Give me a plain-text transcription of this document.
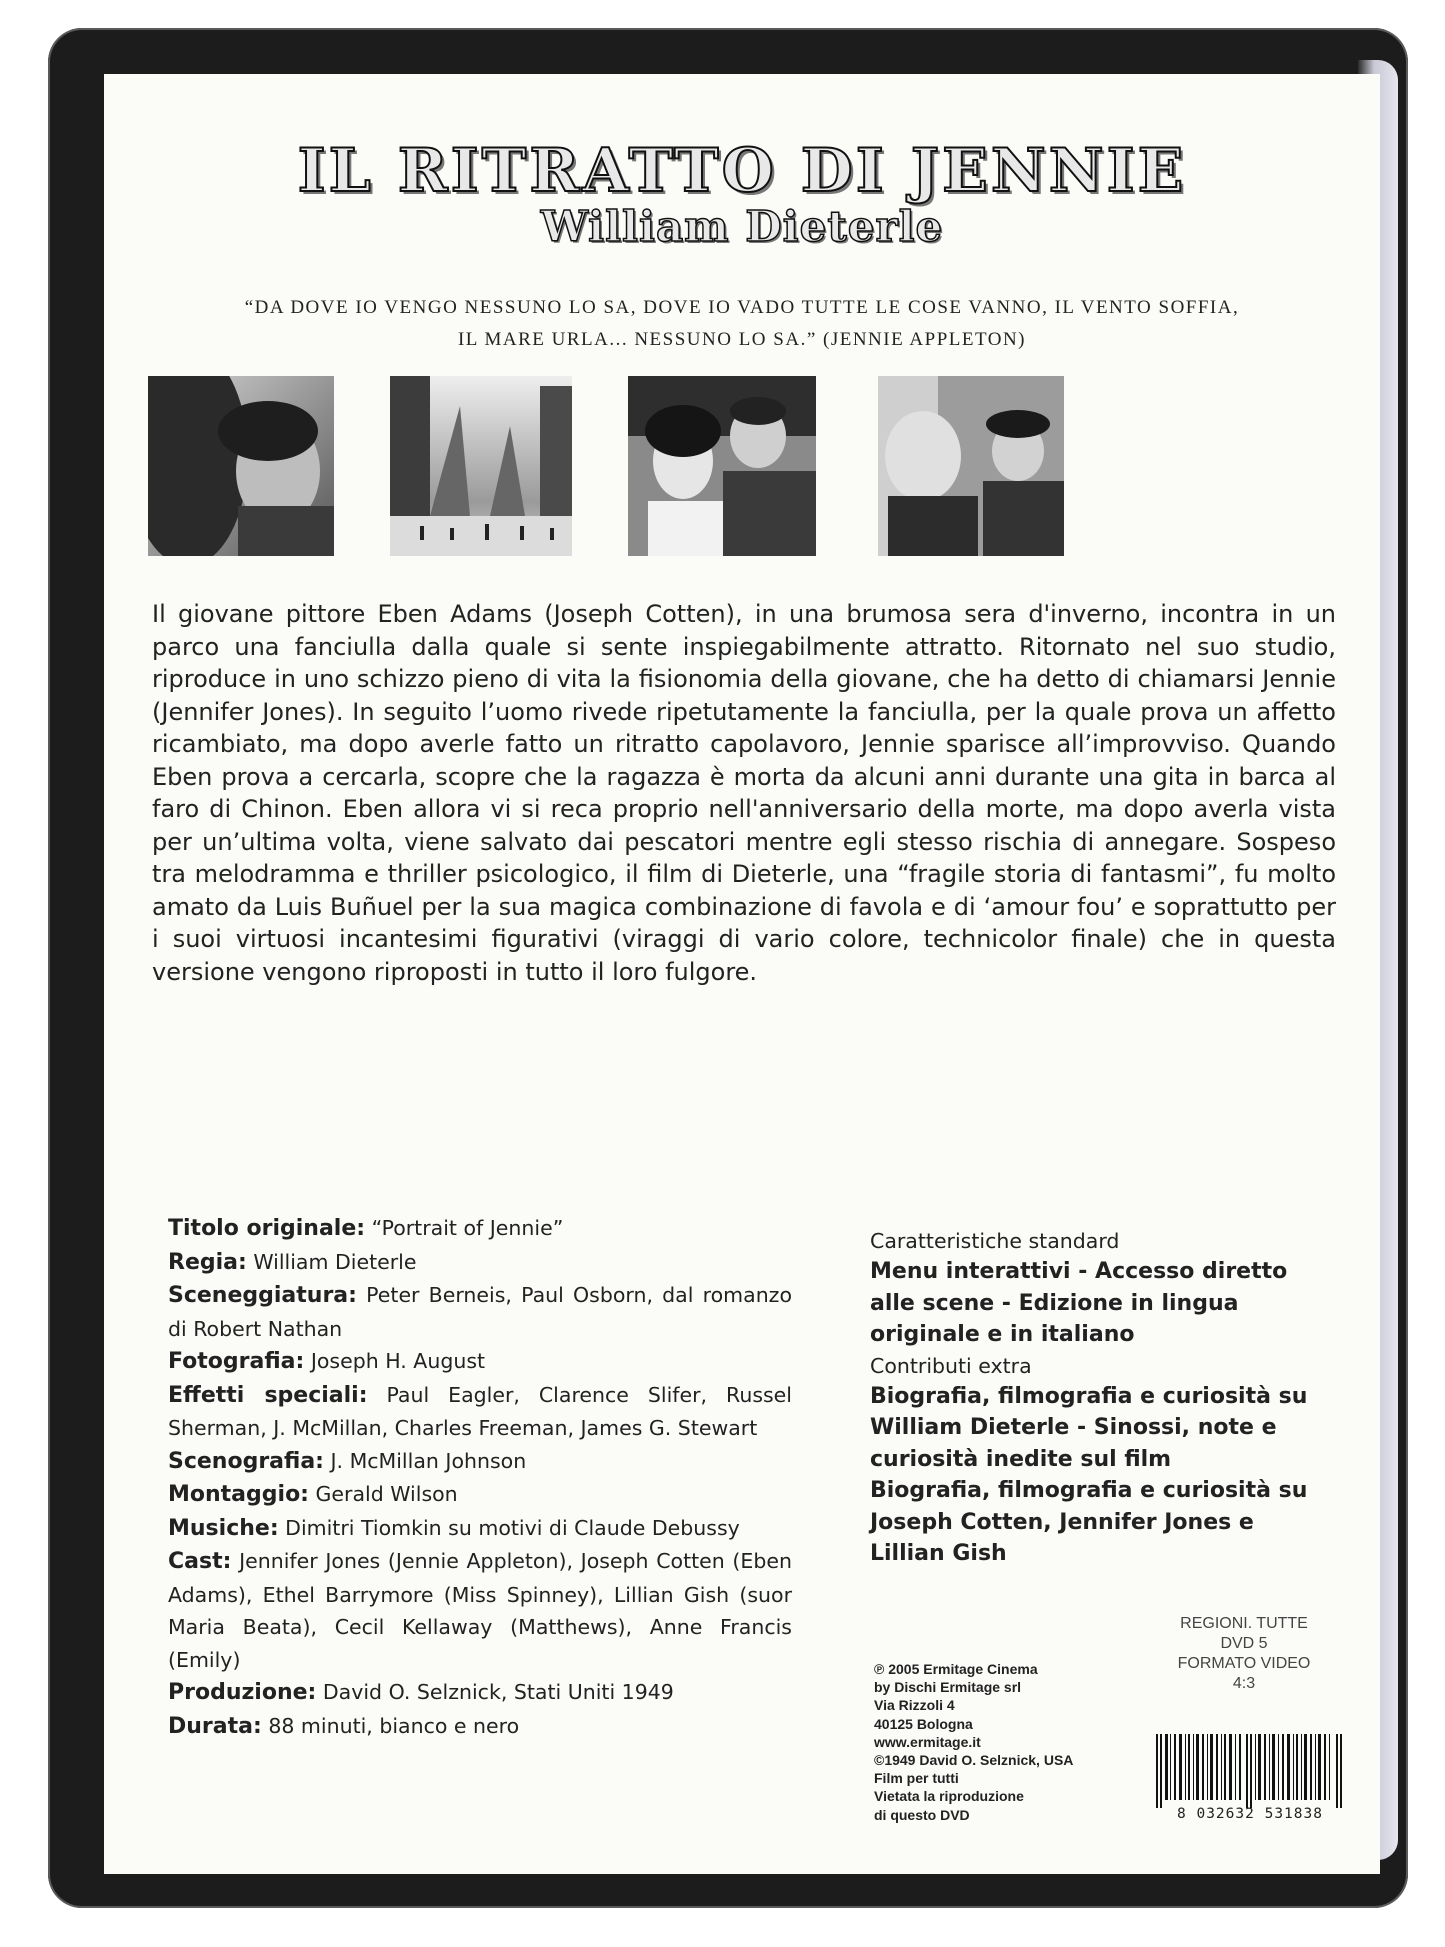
IL RITRATTO DI JENNIE
William Dieterle
“DA DOVE IO VENGO NESSUNO LO SA, DOVE IO VADO TUTTE LE COSE VANNO, IL VENTO SOFFIA,
IL MARE URLA... NESSUNO LO SA.” (JENNIE APPLETON)
Il giovane pittore Eben Adams (Joseph Cotten), in una brumosa sera d'inverno, incontra in un parco una fanciulla dalla quale si sente inspiegabilmente attratto. Ritornato nel suo studio, riproduce in uno schizzo pieno di vita la fisionomia della giovane, che ha detto di chiamarsi Jennie (Jennifer Jones). In seguito l’uomo rivede ripetutamente la fanciulla, per la quale prova un affetto ricambiato, ma dopo averle fatto un ritratto capolavoro, Jennie sparisce all’improvviso. Quando Eben prova a cercarla, scopre che la ragazza è morta da alcuni anni durante una gita in barca al faro di Chinon. Eben allora vi si reca proprio nell'anniversario della morte, ma dopo averla vista per un’ultima volta, viene salvato dai pescatori mentre egli stesso rischia di annegare. Sospeso tra melodramma e thriller psicologico, il film di Dieterle, una “fragile storia di fantasmi”, fu molto amato da Luis Buñuel per la sua magica combinazione di favola e di ‘amour fou’ e soprattutto per i suoi virtuosi incantesimi figurativi (viraggi di vario colore, technicolor finale) che in questa versione vengono riproposti in tutto il loro fulgore.

Titolo originale: “Portrait of Jennie”

Regia: William Dieterle

Sceneggiatura: Peter Berneis, Paul Osborn, dal romanzo di Robert Nathan

Fotografia: Joseph H. August

Effetti speciali: Paul Eagler, Clarence Slifer, Russel Sherman, J. McMillan, Charles Freeman, James G. Stewart

Scenografia: J. McMillan Johnson

Montaggio: Gerald Wilson

Musiche: Dimitri Tiomkin su motivi di Claude Debussy

Cast: Jennifer Jones (Jennie Appleton), Joseph Cotten (Eben Adams), Ethel Barrymore (Miss Spinney), Lillian Gish (suor Maria Beata), Cecil Kellaway (Matthews), Anne Francis (Emily)

Produzione: David O. Selznick, Stati Uniti 1949

Durata: 88 minuti, bianco e nero

Caratteristiche standard
Menu interattivi - Accesso diretto alle scene - Edizione in lingua originale e in italiano
Contributi extra
Biografia, filmografia e curiosità su William Dieterle - Sinossi, note e curiosità inedite sul film
Biografia, filmografia e curiosità su Joseph Cotten, Jennifer Jones e Lillian Gish
REGIONI. TUTTE
DVD 5
FORMATO VIDEO
4:3
℗ 2005 Ermitage Cinema
by Dischi Ermitage srl
Via Rizzoli 4
40125 Bologna
www.ermitage.it
©1949 David O. Selznick, USA
Film per tutti
Vietata la riproduzione
di questo DVD	8 032632 531838
